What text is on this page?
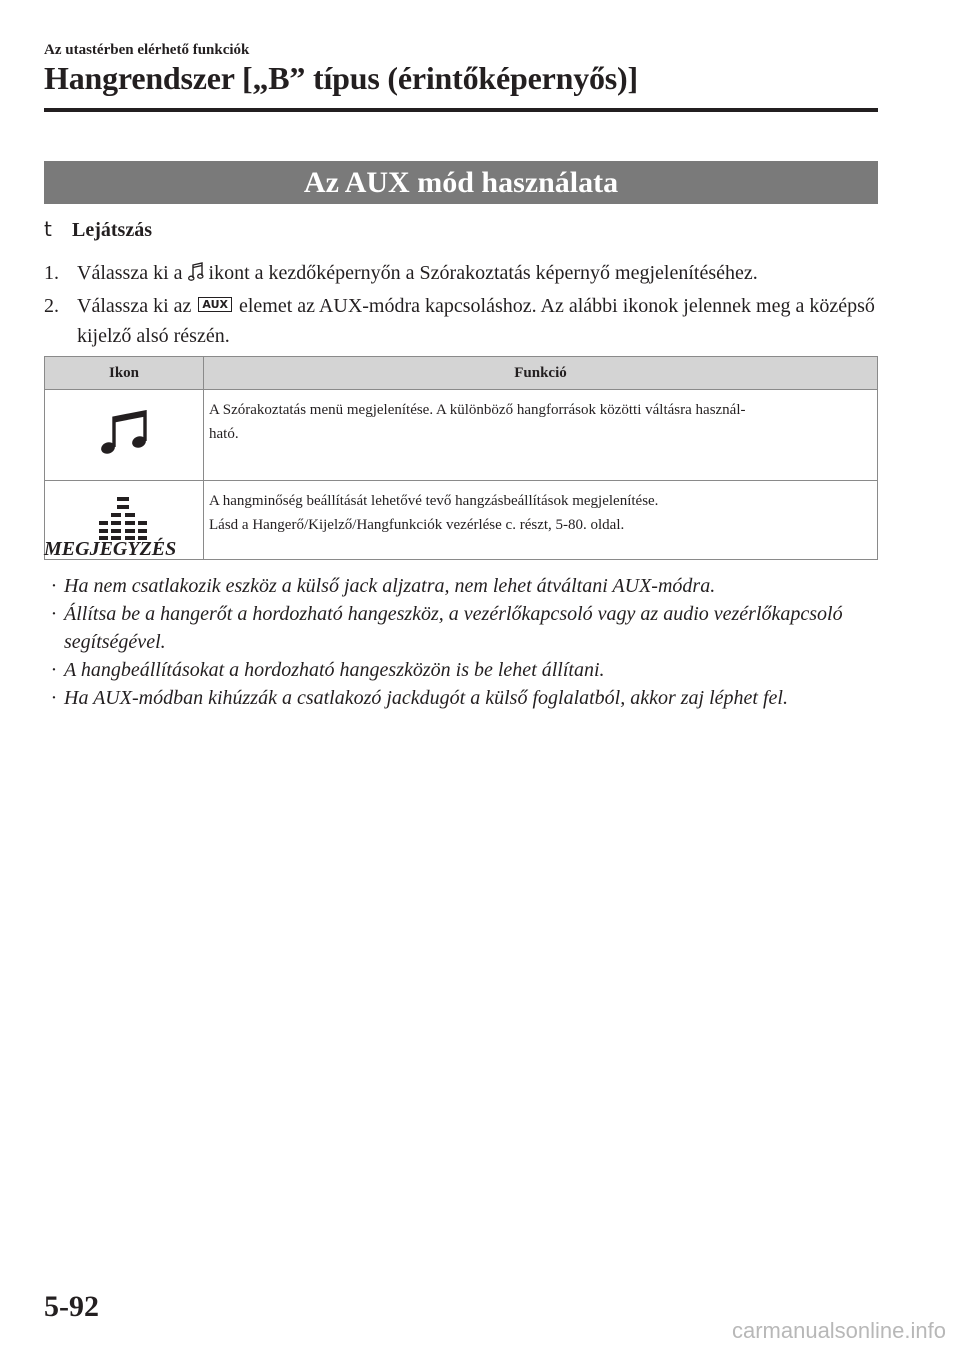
Az utastérben elérhető funkciók
Hangrendszer [„B” típus (érintőképernyős)]
Az AUX mód használata
t Lejátszás
1. Válassza ki a ikont a kezdőképernyőn a Szórakoztatás képernyő megjelenítéséhez.
2. Válassza ki az AUX elemet az AUX-módra kapcsoláshoz. Az alábbi ikonok jelennek meg a középső kijelző alsó részén.
Ikon	Funkció

A Szórakoztatás menü megjelenítése. A különböző hangforrások közötti váltásra használ-
ható.

A hangminőség beállítását lehetővé tevő hangzásbeállítások megjelenítése.
Lásd a Hangerő/Kijelző/Hangfunkciók vezérlése c. részt, 5-80. oldal.
MEGJEGYZÉS
· Ha nem csatlakozik eszköz a külső jack aljzatra, nem lehet átváltani AUX-módra.
· Állítsa be a hangerőt a hordozható hangeszköz, a vezérlőkapcsoló vagy az audio vezérlőkapcsoló segítségével.
· A hangbeállításokat a hordozható hangeszközön is be lehet állítani.
· Ha AUX-módban kihúzzák a csatlakozó jackdugót a külső foglalatból, akkor zaj léphet fel.
5-92
carmanualsonline.info
